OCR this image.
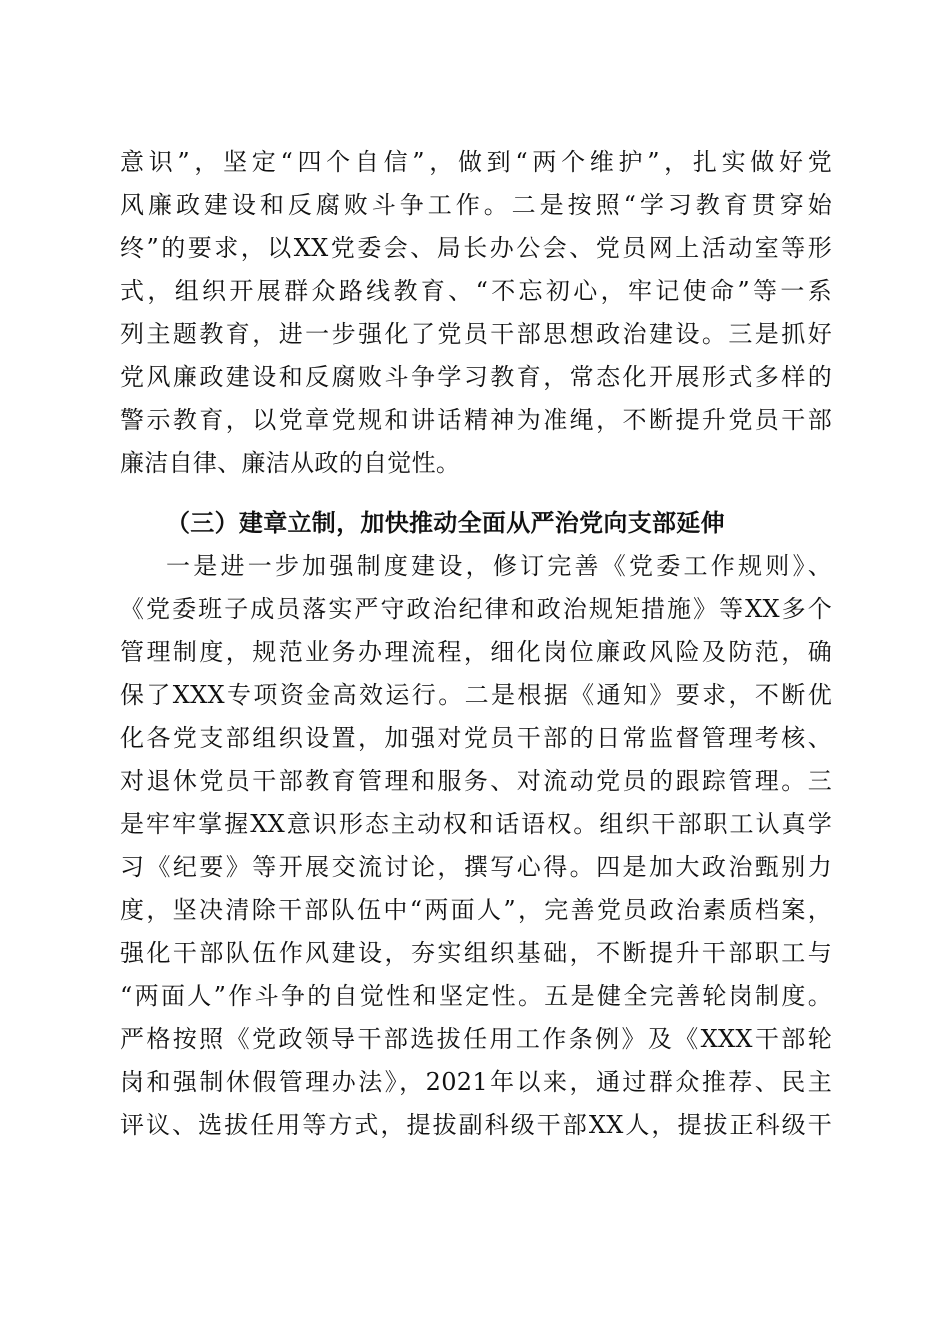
意识”，坚定“四个自信”，做到“两个维护”，扎实做好党
风廉政建设和反腐败斗争工作。二是按照“学习教育贯穿始
终”的要求，以XX党委会、局长办公会、党员网上活动室等形
式，组织开展群众路线教育、“不忘初心，牢记使命”等一系
列主题教育，进一步强化了党员干部思想政治建设。三是抓好
党风廉政建设和反腐败斗争学习教育，常态化开展形式多样的
警示教育，以党章党规和讲话精神为准绳，不断提升党员干部
廉洁自律、廉洁从政的自觉性。
（三）建章立制，加快推动全面从严治党向支部延伸
一是进一步加强制度建设，修订完善《党委工作规则》、
《党委班子成员落实严守政治纪律和政治规矩措施》等XX多个
管理制度，规范业务办理流程，细化岗位廉政风险及防范，确
保了XXX专项资金高效运行。二是根据《通知》要求，不断优
化各党支部组织设置，加强对党员干部的日常监督管理考核、
对退休党员干部教育管理和服务、对流动党员的跟踪管理。三
是牢牢掌握XX意识形态主动权和话语权。组织干部职工认真学
习《纪要》等开展交流讨论，撰写心得。四是加大政治甄别力
度，坚决清除干部队伍中“两面人”，完善党员政治素质档案，
强化干部队伍作风建设，夯实组织基础，不断提升干部职工与
“两面人”作斗争的自觉性和坚定性。五是健全完善轮岗制度。
严格按照《党政领导干部选拔任用工作条例》及《XXX干部轮
岗和强制休假管理办法》，2021年以来，通过群众推荐、民主
评议、选拔任用等方式，提拔副科级干部XX人，提拔正科级干
